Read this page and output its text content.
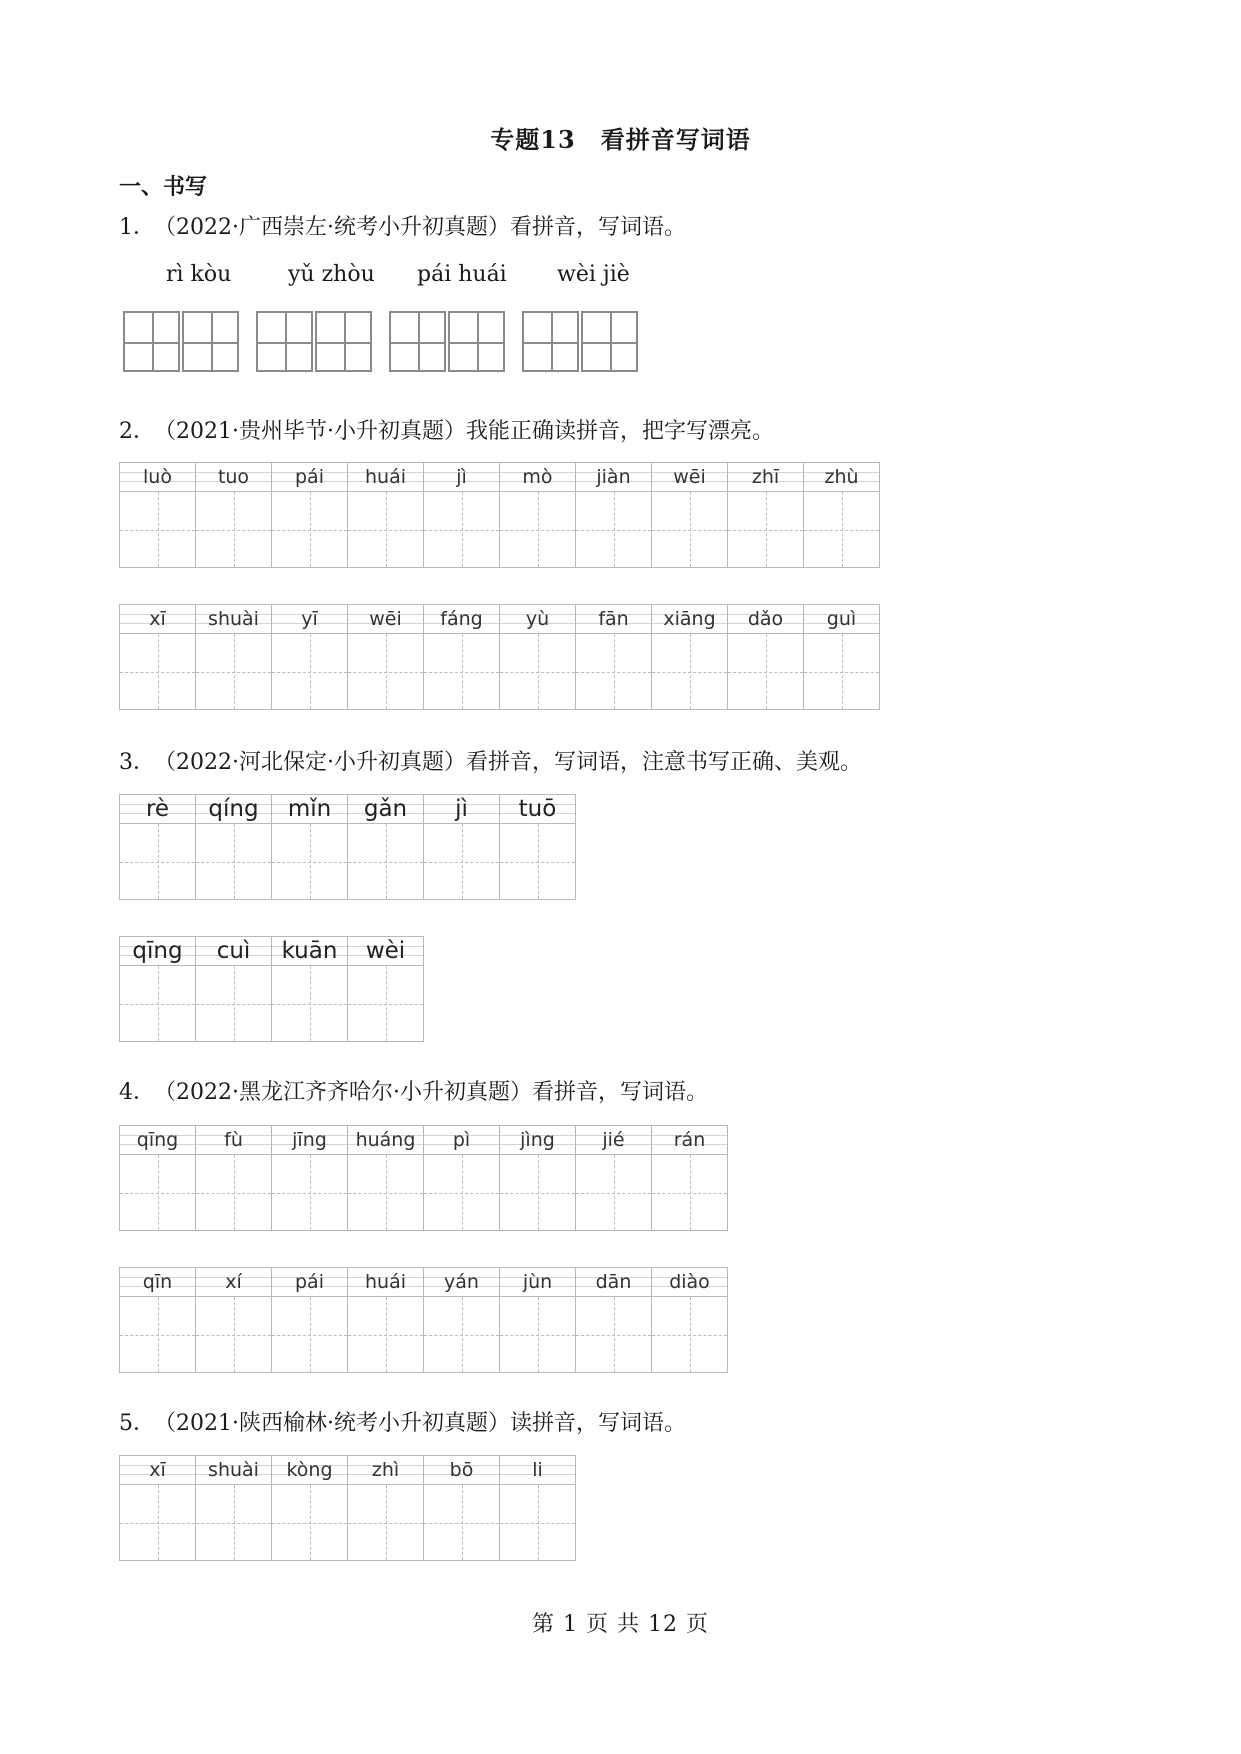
专题13　看拼音写词语
一、书写
1． （2022·广西崇左·统考小升初真题）看拼音，写词语。
rì kòu	yǔ zhòu pái huái wèi jiè
2． （2021·贵州毕节·小升初真题）我能正确读拼音，把字写漂亮。
luò	tuo	pái	huái	jì	mò	jiàn	wēi	zhī	zhù
xī	shuài	yī	wēi	fáng	yù	fān	xiāng	dǎo	guì
3． （2022·河北保定·小升初真题）看拼音，写词语，注意书写正确、美观。
rè	qíng	mǐn	gǎn	jì	tuō
qīng	cuì	kuān	wèi
4． （2022·黑龙江齐齐哈尔·小升初真题）看拼音，写词语。
qīng	fù	jīng	huáng	pì	jìng	jié	rán
qīn	xí	pái	huái	yán	jùn	dān	diào
5． （2021·陕西榆林·统考小升初真题）读拼音，写词语。
xī	shuài	kòng	zhì	bō	li
第 1 页 共 12 页
